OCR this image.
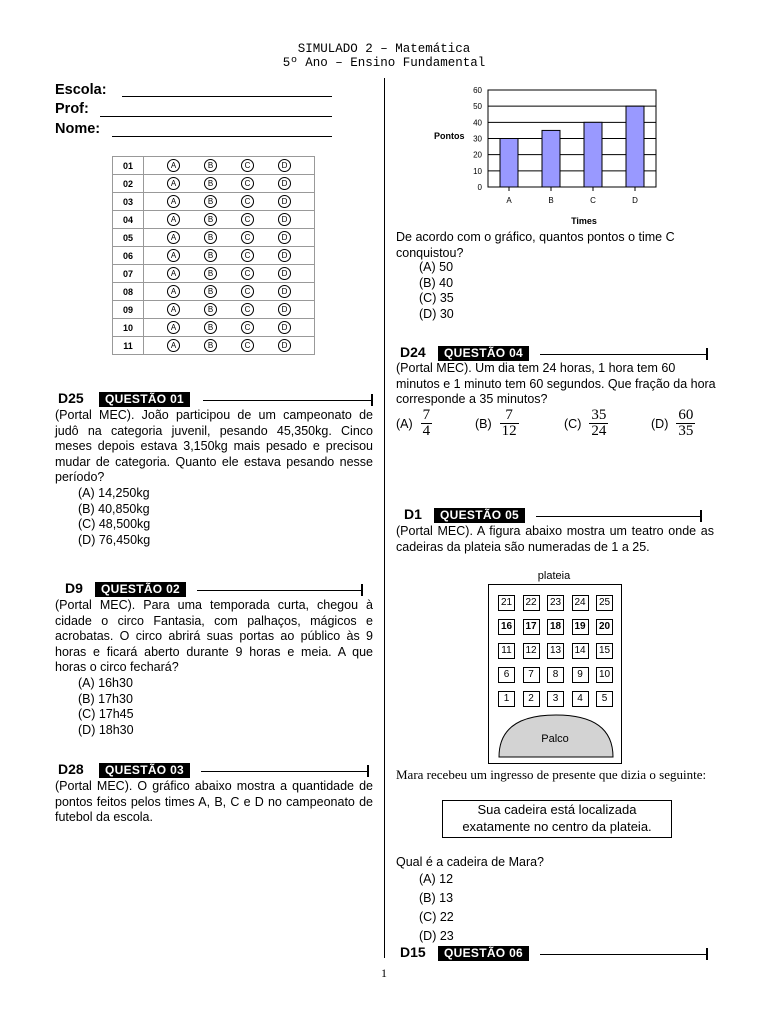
SIMULADO 2 – Matemática
5º Ano – Ensino Fundamental
Escola:
Prof:
Nome:
01	A B C D
02	A B C D
03	A B C D
04	A B C D
05	A B C D
06	A B C D
07	A B C D
08	A B C D
09	A B C D
10	A B C D
11	A B C D
D25	QUESTÃO 01
(Portal MEC). João participou de um campeonato de judô na categoria juvenil, pesando 45,350kg. Cinco meses depois estava 3,150kg mais pesado e precisou mudar de categoria. Quanto ele estava pesando nesse período?
(A) 14,250kg
(B) 40,850kg
(C) 48,500kg
(D) 76,450kg
D9	QUESTÃO 02
(Portal MEC). Para uma temporada curta, chegou à cidade o circo Fantasia, com palhaços, mágicos e acrobatas. O circo abrirá suas portas ao público às 9 horas e ficará aberto durante 9 horas e meia. A que horas o circo fechará?
(A) 16h30
(B) 17h30
(C) 17h45
(D) 18h30
D28	QUESTÃO 03
(Portal MEC). O gráfico abaixo mostra a quantidade de pontos feitos pelos times A, B, C e D no campeonato de futebol da escola.
0
10
20
30
40
50
60
A	B	C	D
Pontos
Times
De acordo com o gráfico, quantos pontos o time C conquistou?
(A) 50
(B) 40
(C) 35
(D) 30
D24	QUESTÃO 04
(Portal MEC). Um dia tem 24 horas, 1 hora tem 60 minutos e 1 minuto tem 60 segundos. Que fração da hora corresponde a 35 minutos?
$(A) \frac{7}{4}$	$(B) \frac{7}{12}$	$(C) \frac{35}{24}$	$(D) \frac{60}{35}$
D1	QUESTÃO 05
(Portal MEC). A figura abaixo mostra um teatro onde as cadeiras da plateia são numeradas de 1 a 25.
21 22 23 24 25
16 17 18 19 20
11	12 13 14 15
6	7	8	9	10
1	2	3	4	5
Palco
plateia
Mara recebeu um ingresso de presente que dizia o seguinte:
Sua cadeira está localizada
exatamente no centro da plateia.
Qual é a cadeira de Mara?
(A) 12
(B) 13
(C) 22
(D) 23
D15	QUESTÃO 06
1
